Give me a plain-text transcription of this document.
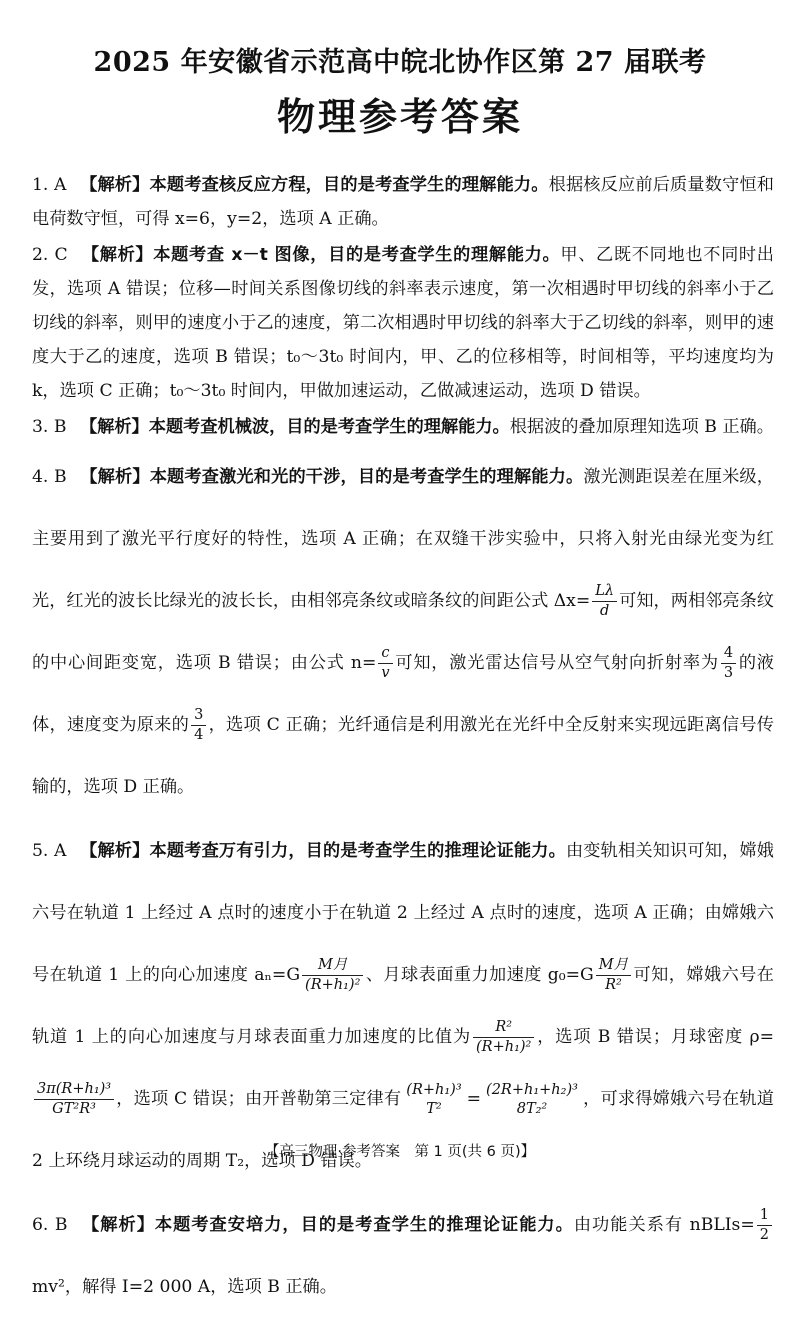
2025 年安徽省示范高中皖北协作区第 27 届联考
物理参考答案

1. A 【解析】本题考查核反应方程，目的是考查学生的理解能力。根据核反应前后质量数守恒和电荷数守恒，可得 x=6，y=2，选项 A 正确。

2. C 【解析】本题考查 x－t 图像，目的是考查学生的理解能力。甲、乙既不同地也不同时出发，选项 A 错误；位移—时间关系图像切线的斜率表示速度，第一次相遇时甲切线的斜率小于乙切线的斜率，则甲的速度小于乙的速度，第二次相遇时甲切线的斜率大于乙切线的斜率，则甲的速度大于乙的速度，选项 B 错误；t₀～3t₀ 时间内，甲、乙的位移相等，时间相等，平均速度均为 k，选项 C 正确；t₀～3t₀ 时间内，甲做加速运动，乙做减速运动，选项 D 错误。

3. B 【解析】本题考查机械波，目的是考查学生的理解能力。根据波的叠加原理知选项 B 正确。

4. B 【解析】本题考查激光和光的干涉，目的是考查学生的理解能力。激光测距误差在厘米级，主要用到了激光平行度好的特性，选项 A 正确；在双缝干涉实验中，只将入射光由绿光变为红光，红光的波长比绿光的波长长，由相邻亮条纹或暗条纹的间距公式 $\Delta x= \frac{L\lambda}{d}$ 可知，两相邻亮条纹的中心间距变宽，选项 B 错误；由公式 $n= \frac{c}{v}$ 可知，激光雷达信号从空气射向折射率为 $\frac{4}{3}$ 的液体，速度变为原来的 $\frac{3}{4}$ ，选项 C 正确；光纤通信是利用激光在光纤中全反射来实现远距离信号传输的，选项 D 正确。

5. A 【解析】本题考查万有引力，目的是考查学生的推理论证能力。由变轨相关知识可知，嫦娥六号在轨道 1 上经过 A 点时的速度小于在轨道 2 上经过 A 点时的速度，选项 A 正确；由嫦娥六号在轨道 1 上的向心加速度 $a_n=G \frac{\text{M月}}{\text{(R+h₁)²}}$ 、月球表面重力加速度 $g_0=G \frac{\text{M月}}{\text{R²}}$ 可知，嫦娥六号在轨道 1 上的向心加速度与月球表面重力加速度的比值为 $\frac{\text{R²}}{\text{(R+h₁)²}}$ ，选项 B 错误；月球密度 ρ=
$\frac{\text{3π(R+h₁)³}}{\text{GT²R³}}$ ，选项 C 错误；由开普勒第三定律有 (R+h₁)³
T²	= (2R+h₁+h₂)³
8T₂²	，可求得嫦娥六号在轨道 2 上环绕月球运动的周期 T₂，选项 D 错误。

6. B 【解析】本题考查安培力，目的是考查学生的推理论证能力。由功能关系有 nBLIs= $\frac{1}{2}$
mv²，解得 I=2 000 A，选项 B 正确。

【高三物理·参考答案　第 1 页(共 6 页)】
